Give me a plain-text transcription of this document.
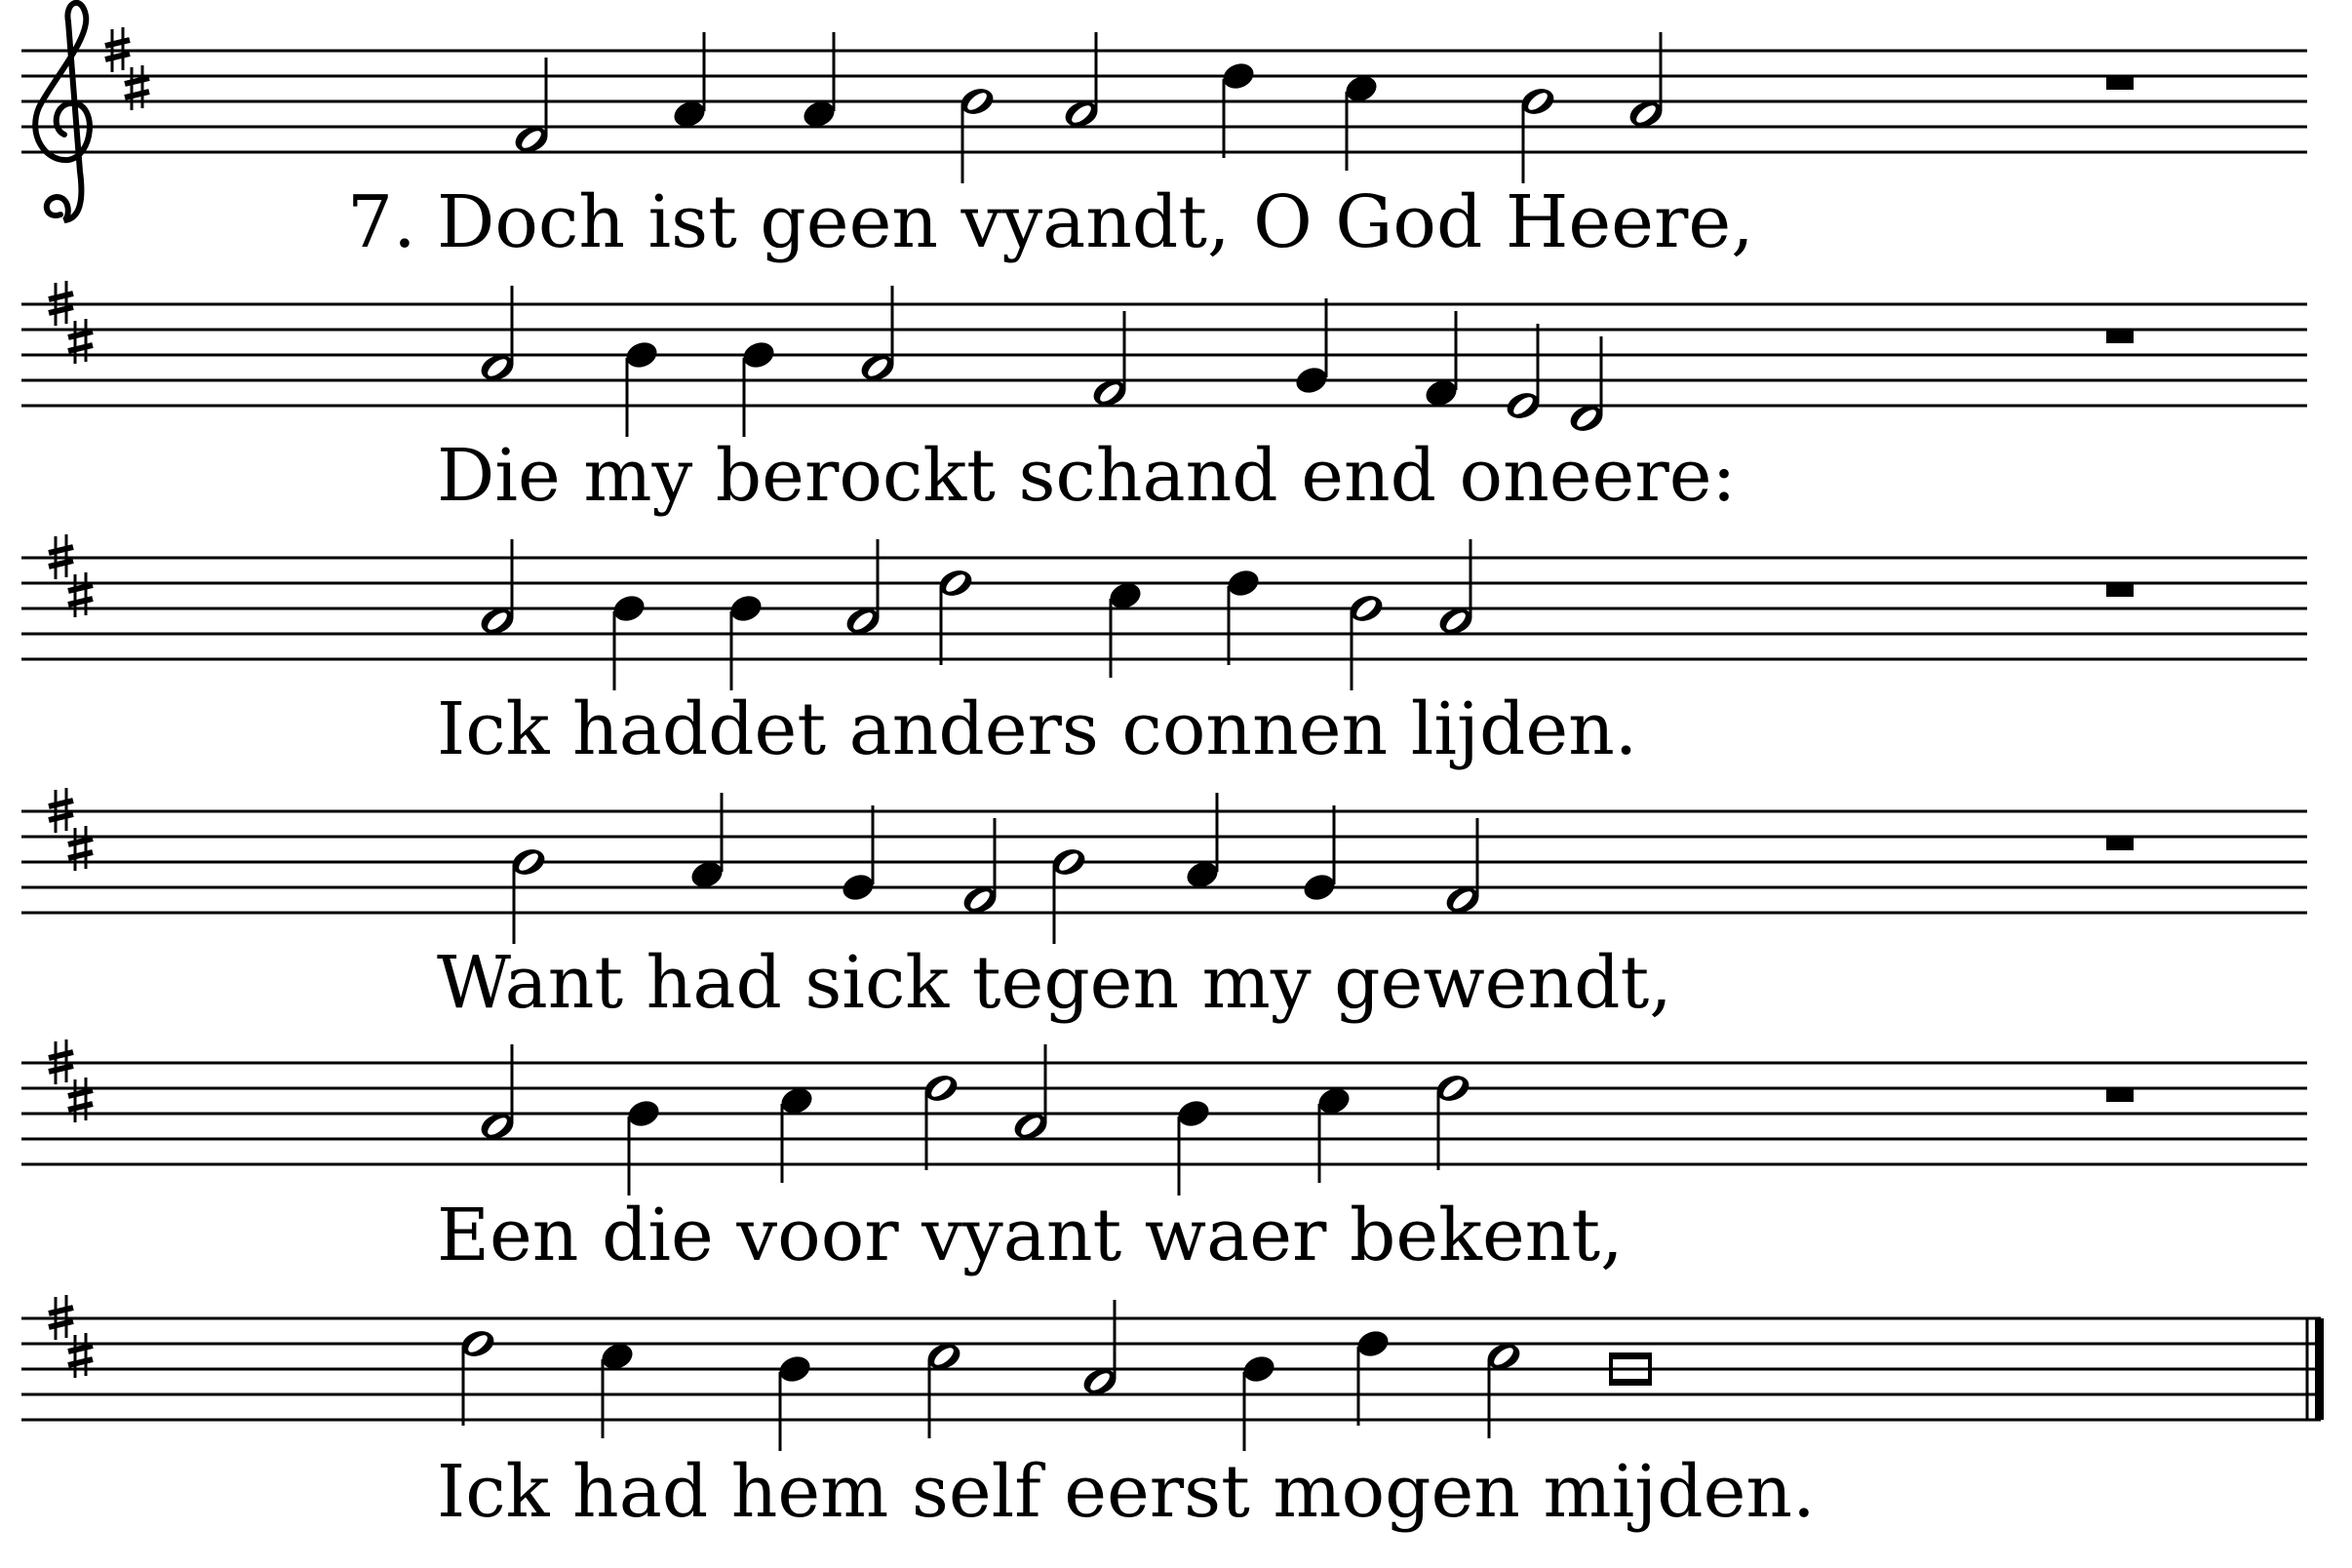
7. Doch ist geen vyandt, O God Heere,
Die my berockt schand end oneere:
Ick haddet anders connen lijden.
Want had sick tegen my gewendt,
Een die voor vyant waer bekent,
Ick had hem self eerst mogen mijden.
